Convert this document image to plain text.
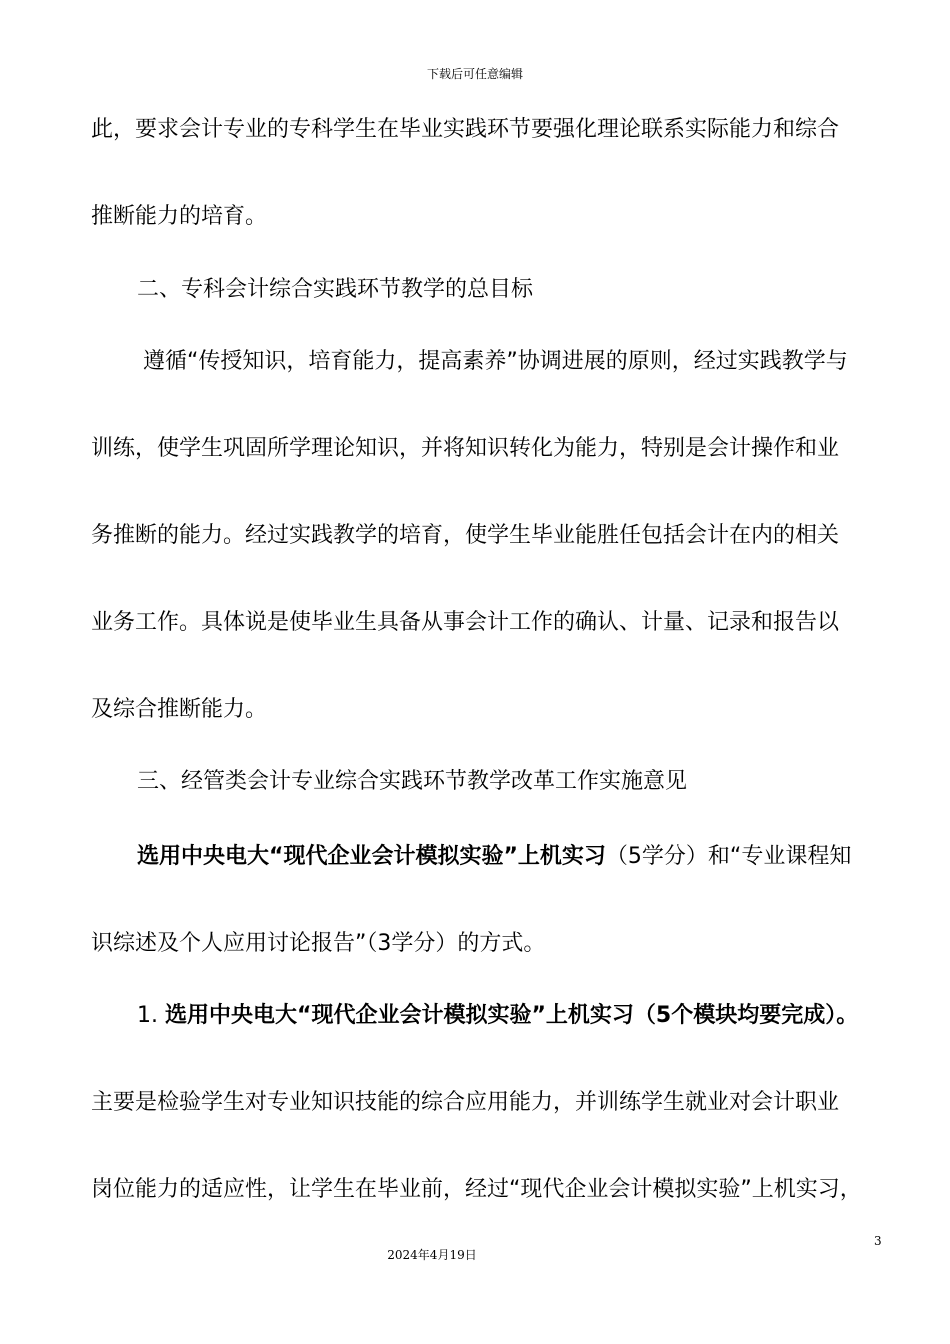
下载后可任意编辑
此，要求会计专业的专科学生在毕业实践环节要强化理论联系实际能力和综合
推断能力的培育。
二、专科会计综合实践环节教学的总目标
遵循“传授知识，培育能力，提高素养”协调进展的原则，经过实践教学与
训练，使学生巩固所学理论知识，并将知识转化为能力，特别是会计操作和业
务推断的能力。经过实践教学的培育，使学生毕业能胜任包括会计在内的相关
业务工作。具体说是使毕业生具备从事会计工作的确认、计量、记录和报告以
及综合推断能力。
三、经管类会计专业综合实践环节教学改革工作实施意见
选用中央电大“现代企业会计模拟实验”上机实习（5学分）和“专业课程知
识综述及个人应用讨论报告”（3学分）的方式。
1. 选用中央电大“现代企业会计模拟实验”上机实习（5个模块均要完成）。
主要是检验学生对专业知识技能的综合应用能力，并训练学生就业对会计职业
岗位能力的适应性，让学生在毕业前，经过“现代企业会计模拟实验”上机实习，
3
2024年4月19日
